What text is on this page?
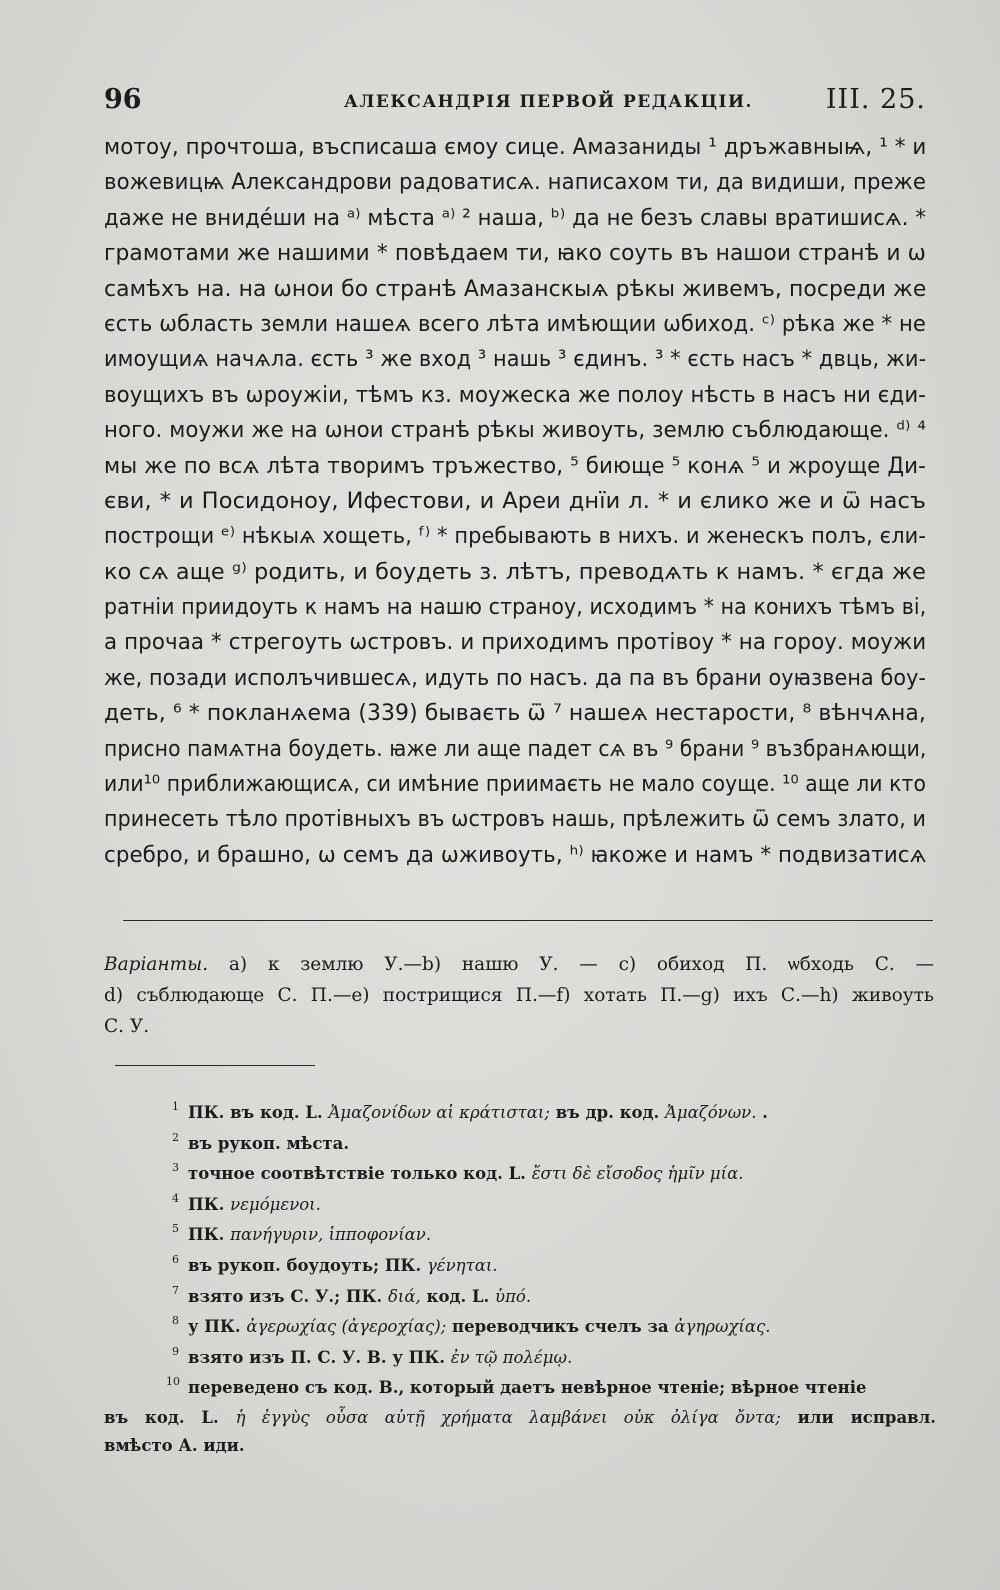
96	АЛЕКСАНДРІЯ ПЕРВОЙ РЕДАКЦІИ.	III. 25.
мотоу, прочтоша, въсписаша ємоу сице. Амазаниды ¹ дръжавныѩ, ¹ * и
вожевицѩ Александрови радоватисѧ. написахом ти, да видиши, преже
даже не вниде́ши на ᵃ⁾ мѣста ᵃ⁾ ² наша, ᵇ⁾ да не безъ славы вратишисѧ. *
грамотами же нашими * повѣдаем ти, ꙗко соуть въ нашои странѣ и ѡ
самѣхъ на. на ѡнои бо странѣ Амазанскыѧ рѣкы живемъ, посреди же
єсть ѡбласть земли нашеѧ всего лѣта имѣющии ѡбиход. ᶜ⁾ рѣка же * не
имоущиѧ начѧла. єсть ³ же вход ³ нашь ³ єдинъ. ³ * єсть насъ * двць, жи-
воущихъ въ ѡроужіи, тѣмъ кз. моужеска же полоу нѣсть в насъ ни єди-
ного. моужи же на ѡнои странѣ рѣкы живоуть, землю съблюдающе. ᵈ⁾ ⁴
мы же по всѧ лѣта творимъ тръжество, ⁵ биюще ⁵ конѧ ⁵ и жроуще Ди-
єви, * и Посидоноу, Ифестови, и Ареи днїи л. * и єлико же и ѿ насъ
построщи ᵉ⁾ нѣкыѧ хощеть, ᶠ⁾ * пребывають в нихъ. и женескъ полъ, єли-
ко сѧ аще ᵍ⁾ родить, и боудеть з. лѣтъ, преводѧть к намъ. * єгда же
ратніи приидоуть к намъ на нашю страноу, исходимъ * на конихъ тѣмъ ві,
а прочаа * стрегоуть ѡстровъ. и приходимъ протівоу * на гороу. моужи
же, позади исполъчившесѧ, идуть по насъ. да па въ брани оуꙗзвена боу-
деть, ⁶ * покланѧема (339) бываєть ѿ ⁷ нашеѧ нестарости, ⁸ вѣнчѧна,
присно памѧтна боудеть. ꙗже ли аще падет сѧ въ ⁹ брани ⁹ възбранѧющи,
или¹⁰ приближающисѧ, си имѣние приимаєть не мало соуще. ¹⁰ аще ли кто
принесеть тѣло протівныхъ въ ѡстровъ нашь, прѣлежить ѿ семъ злато, и
сребро, и брашно, ѡ семъ да ѡживоуть, ʰ⁾ ꙗкоже и намъ * подвизатисѧ
Варіанты. а) к землю У.—b) нашю У. — c) обиход П. ѡбходь С. —
d) съблюдающе С. П.—e) пострищися П.—f) хотать П.—g) ихъ С.—h) живоуть
С. У.
1 ПК. въ код. L. Ἀμαζονίδων αἱ κράτισται; въ др. код. Ἀμαζόνων. .
2 въ рукоп. мѣста.
3 точное соотвѣтствіе только код. L. ἔστι δὲ εἴσοδος ἡμῖν μία.
4 ПК. νεμόμενοι.
5 ПК. πανήγυριν, ἱπποφονίαν.
6 въ рукоп. боудоуть; ПК. γένηται.
7 взято изъ С. У.; ПК. διά, код. L. ὑπό.
8 у ПК. ἀγερωχίας (ἀγεροχίας); переводчикъ счелъ за ἀγηρωχίας.
9 взято изъ П. С. У. В. у ПК. ἐν τῷ πολέμῳ.
10 переведено съ код. В., который даетъ невѣрное чтеніе; вѣрное чтеніе
въ код. L. ἡ ἐγγὺς οὖσα αὐτῇ χρήματα λαμβάνει οὐκ ὀλίγα ὄντα; или исправл.
вмѣсто А. иди.
